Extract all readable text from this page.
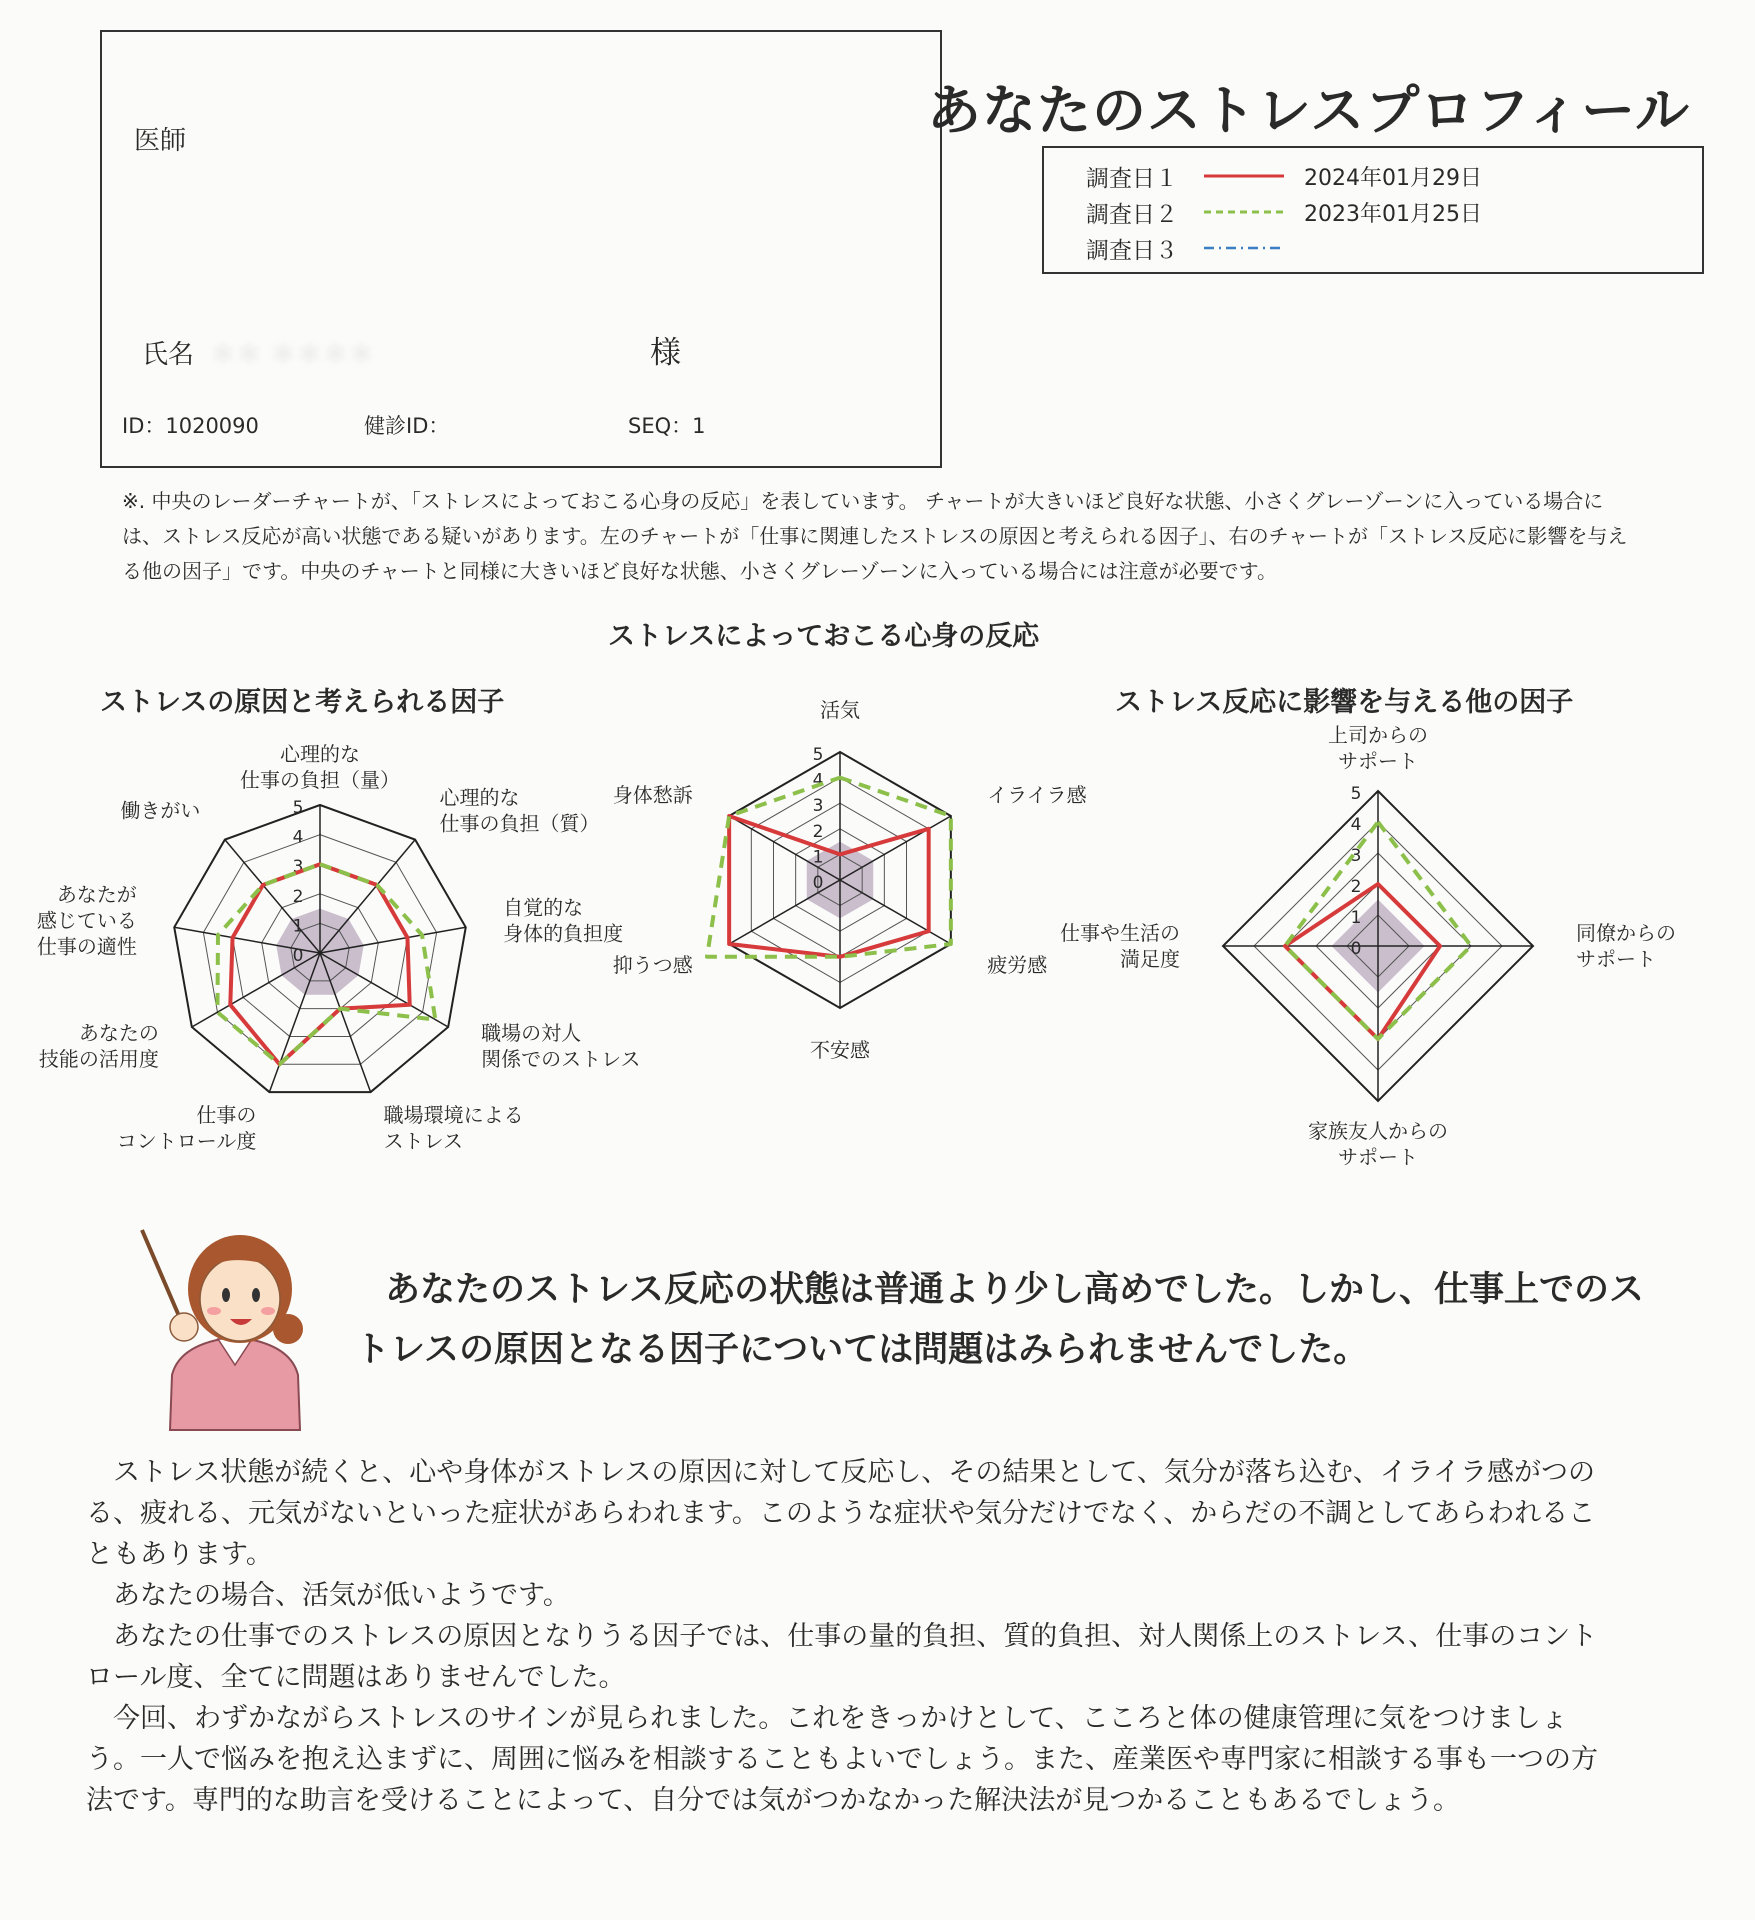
医師
氏名 ＊＊ ＊＊＊＊	様
ID：1020090	健診ID：	SEQ：1
あなたのストレスプロフィール
調査日１	2024年01月29日
調査日２	2023年01月25日
調査日３
※. 中央のレーダーチャートが、「ストレスによっておこる心身の反応」を表しています。 チャートが大きいほど良好な状態、小さくグレーゾーンに入っている場合には、ストレス反応が高い状態である疑いがあります。左のチャートが「仕事に関連したストレスの原因と考えられる因子」、右のチャートが「ストレス反応に影響を与える他の因子」です。中央のチャートと同様に大きいほど良好な状態、小さくグレーゾーンに入っている場合には注意が必要です。
ストレスによっておこる心身の反応
ストレスの原因と考えられる因子	ストレス反応に影響を与える他の因子
0
1
2
3
4
5
心理的な仕事の負担（量）
心理的な仕事の負担（質）
自覚的な身体的負担度
職場の対人関係でのストレス
職場環境によるストレス
仕事のコントロール度
あなたの技能の活用度
あなたが感じている仕事の適性
働きがい
0
1
2
3
4
5
活気
イライラ感
疲労感
不安感
抑うつ感
身体愁訴
0
1
2
3
4
5
上司からのサポート
同僚からのサポート
家族友人からのサポート
仕事や生活の満足度
あなたのストレス反応の状態は普通より少し高めでした。しかし、仕事上でのストレスの原因となる因子については問題はみられませんでした。

ストレス状態が続くと、心や身体がストレスの原因に対して反応し、その結果として、気分が落ち込む、イライラ感がつのる、疲れる、元気がないといった症状があらわれます。このような症状や気分だけでなく、からだの不調としてあらわれることもあります。

あなたの場合、活気が低いようです。

あなたの仕事でのストレスの原因となりうる因子では、仕事の量的負担、質的負担、対人関係上のストレス、仕事のコントロール度、全てに問題はありませんでした。

今回、わずかながらストレスのサインが見られました。これをきっかけとして、こころと体の健康管理に気をつけましょう。一人で悩みを抱え込まずに、周囲に悩みを相談することもよいでしょう。また、産業医や専門家に相談する事も一つの方法です。専門的な助言を受けることによって、自分では気がつかなかった解決法が見つかることもあるでしょう。
